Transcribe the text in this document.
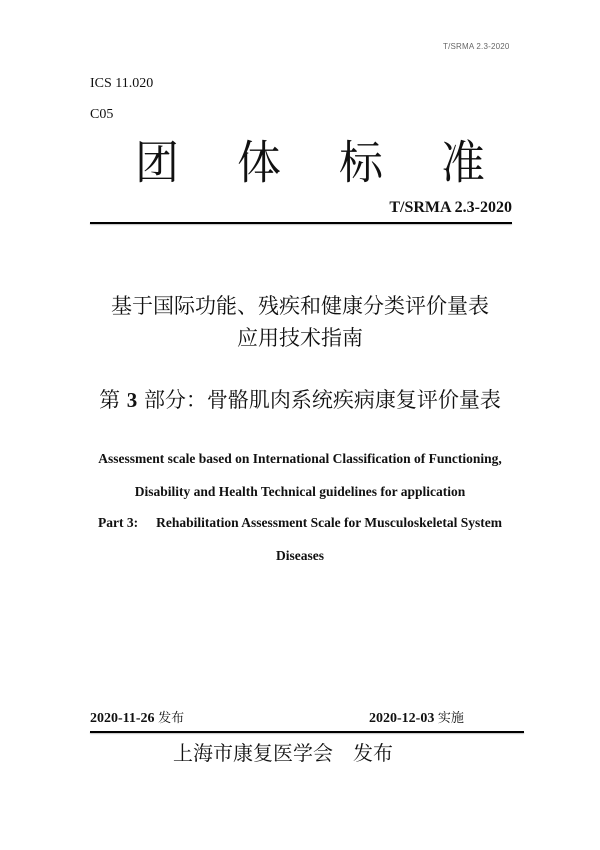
T/SRMA 2.3-2020
ICS 11.020
C05
团 体 标 准
T/SRMA 2.3-2020
基于国际功能、残疾和健康分类评价量表
应用技术指南
第 3 部分：骨骼肌肉系统疾病康复评价量表
Assessment scale based on International Classification of Functioning,
Disability and Health Technical guidelines for application
Part 3: Rehabilitation Assessment Scale for Musculoskeletal System
Diseases
2020-11-26 发布	2020-12-03 实施
上海市康复医学会 发布
